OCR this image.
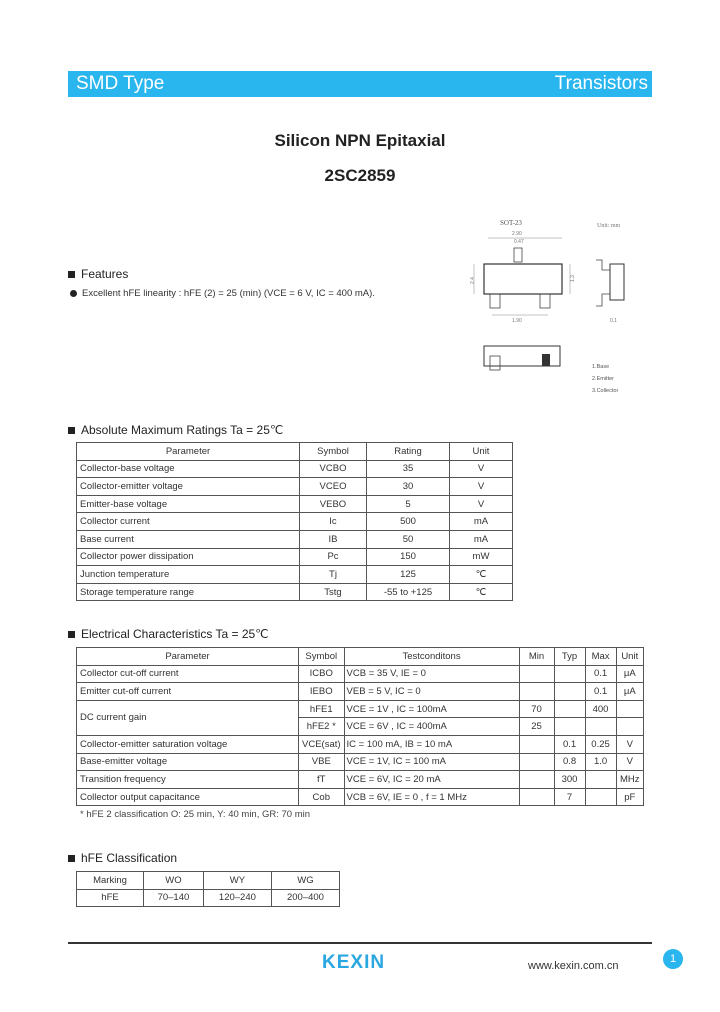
SMD Type	Transistors
Silicon NPN Epitaxial
2SC2859
SOT-23	Unit: mm
2.90
0.47
2.4	1.3
1.90	0.1
1.Base
2.Emitter
3.Collector
Features
Excellent hFE linearity : hFE (2) = 25 (min) (VCE = 6 V, IC = 400 mA).
Absolute Maximum Ratings Ta = 25℃
Parameter	Symbol	Rating	Unit
Collector-base voltage	VCBO	35	V
Collector-emitter voltage	VCEO	30	V
Emitter-base voltage	VEBO	5	V
Collector current	Ic	500	mA
Base current	IB	50	mA
Collector power dissipation	Pc	150	mW
Junction temperature	Tj	125	℃
Storage temperature range	Tstg	-55 to +125	℃
Electrical Characteristics Ta = 25℃
Parameter	Symbol	Testconditons	Min	Typ	Max	Unit
Collector cut-off current	ICBO	VCB = 35 V, IE = 0			0.1	μA
Emitter cut-off current	IEBO	VEB = 5 V, IC = 0			0.1	μA
DC current gain	hFE1	VCE = 1V , IC = 100mA	70		400	
	hFE2 *	VCE = 6V , IC = 400mA	25			
Collector-emitter saturation voltage	VCE(sat)	IC = 100 mA, IB = 10 mA		0.1	0.25	V
Base-emitter voltage	VBE	VCE = 1V, IC = 100 mA		0.8	1.0	V
Transition frequency	fT	VCE = 6V, IC = 20 mA		300		MHz
Collector output capacitance	Cob	VCB = 6V, IE = 0 , f = 1 MHz		7		pF
* hFE 2 classification O: 25 min, Y: 40 min, GR: 70 min
hFE Classification
Marking	WO	WY	WG
hFE	70–140	120–240	200–400
KEXIN	www.kexin.com.cn
1
